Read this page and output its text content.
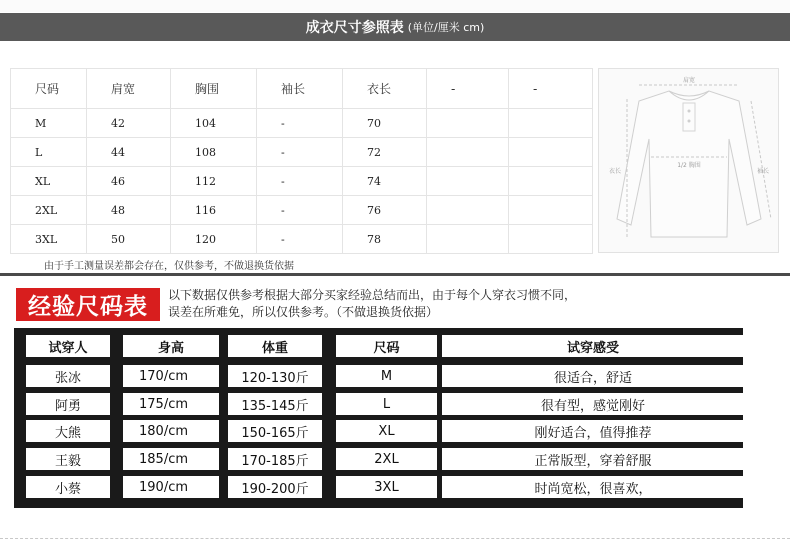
成衣尺寸参照表 (单位/厘米 cm)
尺码	肩宽	胸围	袖长	衣长	-	-
M	42	104	-	70		
L	44	108	-	72		
XL	46	112	-	74		
2XL	48	116	-	76		
3XL	50	120	-	78		
肩宽
1/2 胸围
衣长	袖长
由于手工测量误差都会存在，仅供参考，不做退换货依据
经验尺码表	以下数据仅供参考根据大部分买家经验总结而出，由于每个人穿衣习惯不同，
误差在所难免，所以仅供参考。（不做退换货依据）
试穿人	身高	体重	尺码	试穿感受
张冰	170/cm	120-130斤	M	很适合，舒适
阿勇	175/cm	135-145斤	L	很有型，感觉刚好
大熊	180/cm	150-165斤	XL	刚好适合，值得推荐
王毅	185/cm	170-185斤	2XL	正常版型，穿着舒服
小蔡	190/cm	190-200斤	3XL	时尚宽松，很喜欢，
